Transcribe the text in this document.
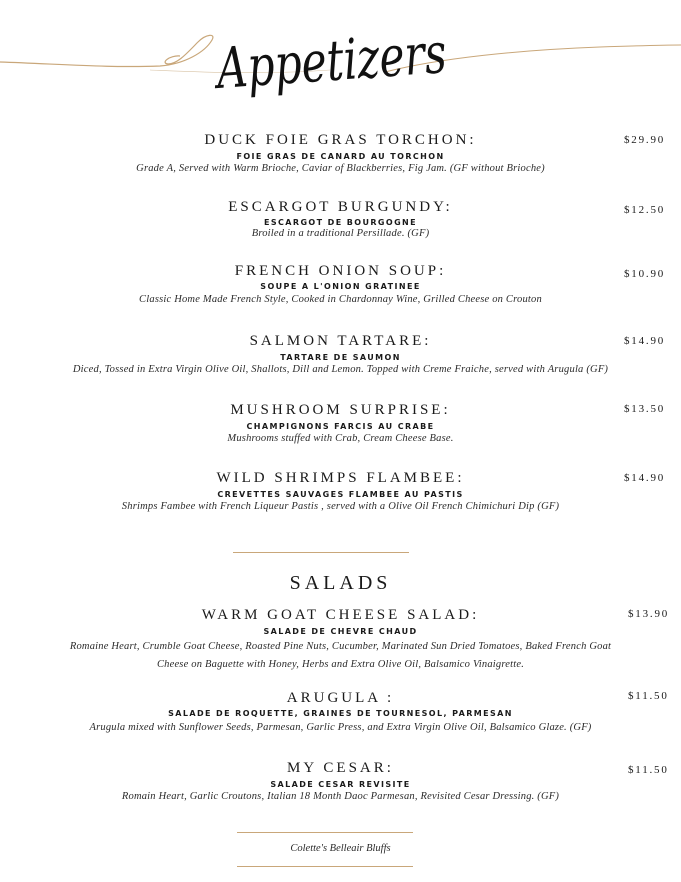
Appetizers
DUCK FOIE GRAS TORCHON:
FOIE GRAS DE CANARD AU TORCHON
Grade A, Served with Warm Brioche, Caviar of Blackberries, Fig Jam. (GF without Brioche)
$29.90
ESCARGOT BURGUNDY:
ESCARGOT DE BOURGOGNE
Broiled in a traditional Persillade. (GF)
$12.50
FRENCH ONION SOUP:
SOUPE A L'ONION GRATINEE
Classic Home Made French Style, Cooked in Chardonnay Wine, Grilled Cheese on Crouton
$10.90
SALMON TARTARE:
TARTARE DE SAUMON
Diced, Tossed in Extra Virgin Olive Oil, Shallots, Dill and Lemon. Topped with Creme Fraiche, served with Arugula (GF)
$14.90
MUSHROOM SURPRISE:
CHAMPIGNONS FARCIS AU CRABE
Mushrooms stuffed with Crab, Cream Cheese Base.
$13.50
WILD SHRIMPS FLAMBEE:
CREVETTES SAUVAGES FLAMBEE AU PASTIS
Shrimps Fambee with French Liqueur Pastis , served with a Olive Oil French Chimichuri Dip (GF)
$14.90
SALADS
WARM GOAT CHEESE SALAD:
SALADE DE CHEVRE CHAUD
Romaine Heart, Crumble Goat Cheese, Roasted Pine Nuts, Cucumber, Marinated Sun Dried Tomatoes, Baked French Goat
Cheese on Baguette with Honey, Herbs and Extra Olive Oil, Balsamico Vinaigrette.
$13.90
ARUGULA :
SALADE DE ROQUETTE, GRAINES DE TOURNESOL, PARMESAN
Arugula mixed with Sunflower Seeds, Parmesan, Garlic Press, and Extra Virgin Olive Oil, Balsamico Glaze. (GF)
$11.50
MY CESAR:
SALADE CESAR REVISITE
Romain Heart, Garlic Croutons, Italian 18 Month Daoc Parmesan, Revisited Cesar Dressing. (GF)
$11.50
Colette's Belleair Bluffs
